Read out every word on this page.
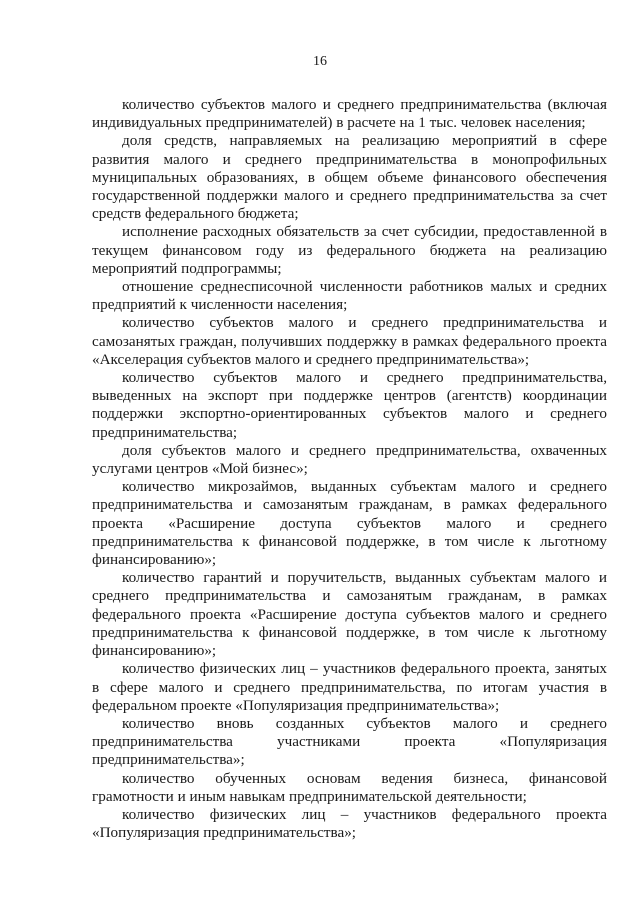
16

количество субъектов малого и среднего предпринимательства (включая индивидуальных предпринимателей) в расчете на 1 тыс. человек населения;

доля средств, направляемых на реализацию мероприятий в сфере развития малого и среднего предпринимательства в монопрофильных муниципальных образованиях, в общем объеме финансового обеспечения государственной поддержки малого и среднего предпринимательства за счет средств федерального бюджета;

исполнение расходных обязательств за счет субсидии, предоставленной в текущем финансовом году из федерального бюджета на реализацию мероприятий подпрограммы;

отношение среднесписочной численности работников малых и средних предприятий к численности населения;

количество субъектов малого и среднего предпринимательства и самозанятых граждан, получивших поддержку в рамках федерального проекта «Акселерация субъектов малого и среднего предпринимательства»;

количество субъектов малого и среднего предпринимательства, выведенных на экспорт при поддержке центров (агентств) координации поддержки экспортно-ориентированных субъектов малого и среднего предпринимательства;

доля субъектов малого и среднего предпринимательства, охваченных услугами центров «Мой бизнес»;

количество микрозаймов, выданных субъектам малого и среднего предпринимательства и самозанятым гражданам, в рамках федерального проекта «Расширение доступа субъектов малого и среднего предпринимательства к финансовой поддержке, в том числе к льготному финансированию»;

количество гарантий и поручительств, выданных субъектам малого и среднего предпринимательства и самозанятым гражданам, в рамках федерального проекта «Расширение доступа субъектов малого и среднего предпринимательства к финансовой поддержке, в том числе к льготному финансированию»;

количество физических лиц – участников федерального проекта, занятых в сфере малого и среднего предпринимательства, по итогам участия в федеральном проекте «Популяризация предпринимательства»;

количество вновь созданных субъектов малого и среднего предпринимательства участниками проекта «Популяризация предпринимательства»;

количество обученных основам ведения бизнеса, финансовой грамотности и иным навыкам предпринимательской деятельности;

количество физических лиц – участников федерального проекта «Популяризация предпринимательства»;
